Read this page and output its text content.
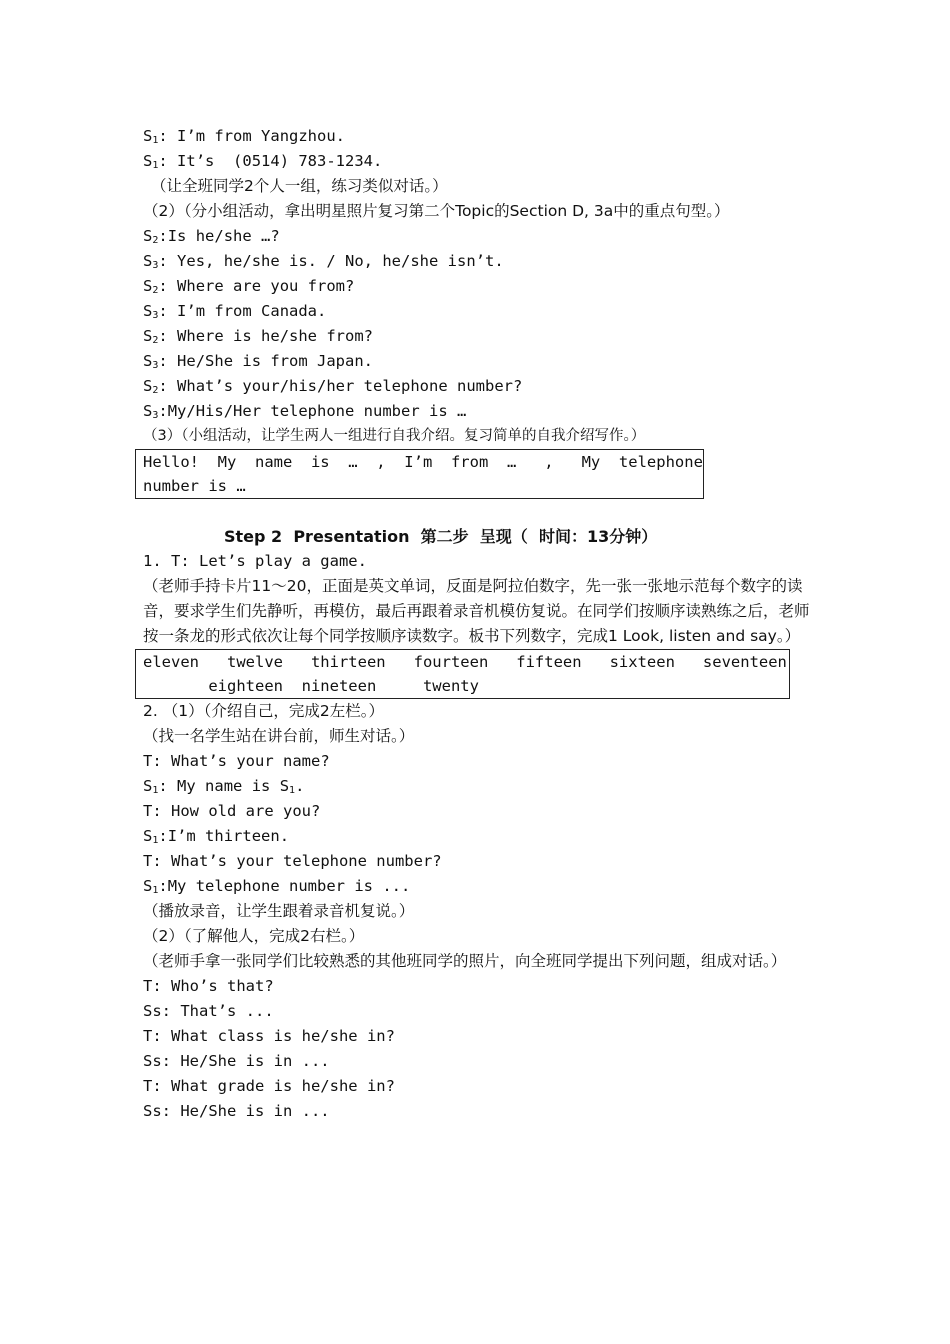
$S_1$: I’m from Yangzhou.
$S_1$: It’s  (0514) 783-1234.
（让全班同学2个人一组，练习类似对话。）
（2）（分小组活动，拿出明星照片复习第二个Topic的Section D, 3a中的重点句型。）
$S_2:Is$ he/she …?
$S_3$: Yes, he/she is. / No, he/she isn’t.
$S_2$: Where are you from?
$S_3$: I’m from Canada.
$S_2$: Where is he/she from?
$S_3$: He/She is from Japan.
$S_2$: What’s your/his/her telephone number?
$S_3:My/His$/Her telephone number is …
（3）（小组活动，让学生两人一组进行自我介绍。复习简单的自我介绍写作。）
Hello!  My  name  is  …  ,  I’m  from  …   ,   My  telephone
number is …
Step 2  Presentation  第二步  呈现（  时间：13分钟）
1. T: Let’s play a game.
（老师手持卡片11～20，正面是英文单词，反面是阿拉伯数字，先一张一张地示范每个数字的读音，要求学生们先静听，再模仿，最后再跟着录音机模仿复说。在同学们按顺序读熟练之后，老师按一条龙的形式依次让每个同学按顺序读数字。板书下列数字，完成1 Look, listen and say。）
eleven   twelve   thirteen   fourteen   fifteen   sixteen   seventeen
eighteen  nineteen     twenty
2. （1）（介绍自己，完成2左栏。）
（找一名学生站在讲台前，师生对话。）
T: What’s your name?
$S_1$: My name is $S_1$.
T: How old are you?
$S_1:I’m$ thirteen.
T: What’s your telephone number?
$S_1:My$ telephone number is ...
（播放录音，让学生跟着录音机复说。）
（2）（了解他人，完成2右栏。）
（老师手拿一张同学们比较熟悉的其他班同学的照片，向全班同学提出下列问题，组成对话。）
T: Who’s that?
Ss: That’s ...
T: What class is he/she in?
Ss: He/She is in ...
T: What grade is he/she in?
Ss: He/She is in ...
